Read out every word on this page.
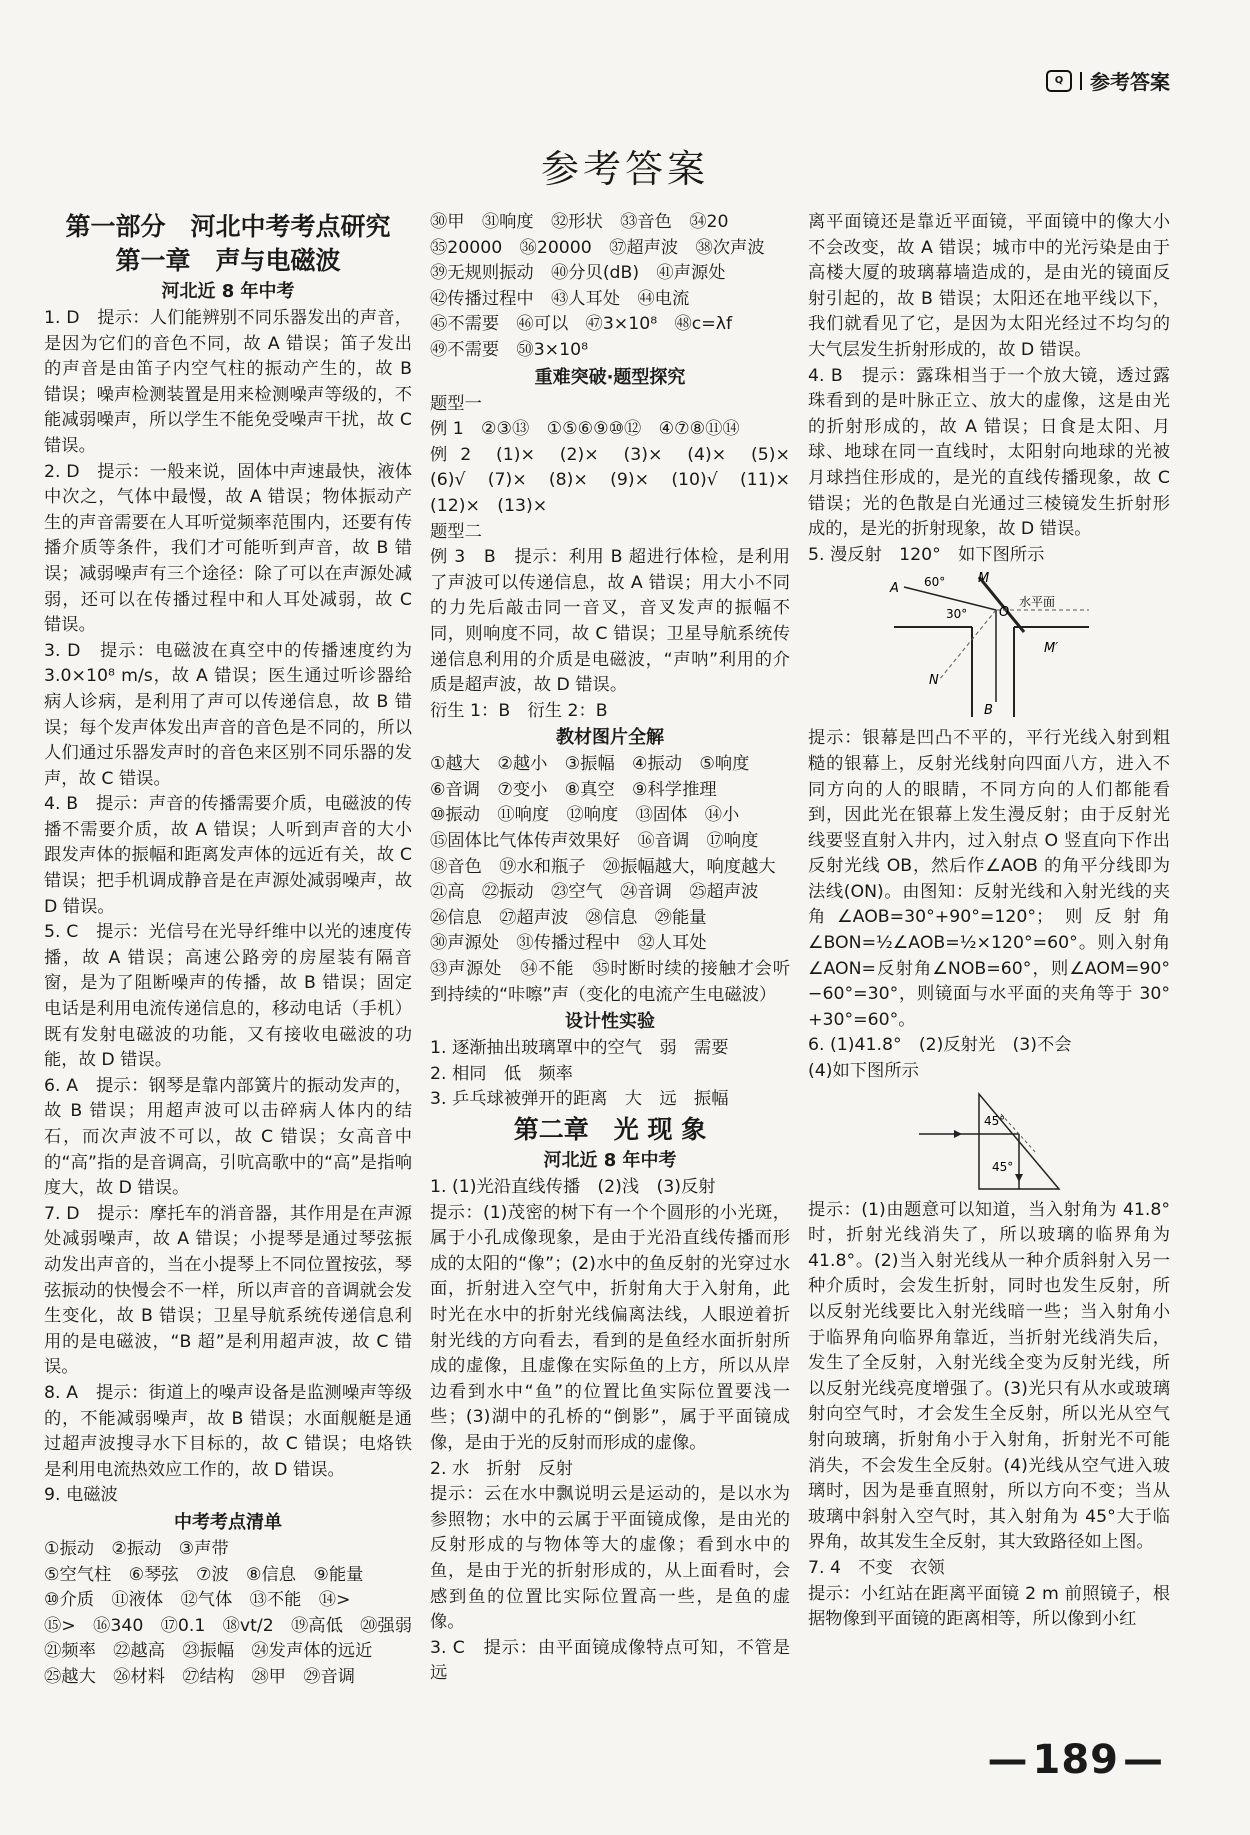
Q	参考答案
参考答案
第一部分　河北中考考点研究
第一章　声与电磁波
河北近 8 年中考
1. D　提示：人们能辨别不同乐器发出的声音，是因为它们的音色不同，故 A 错误；笛子发出的声音是由笛子内空气柱的振动产生的，故 B 错误；噪声检测装置是用来检测噪声等级的，不能减弱噪声，所以学生不能免受噪声干扰，故 C 错误。
2. D　提示：一般来说，固体中声速最快，液体中次之，气体中最慢，故 A 错误；物体振动产生的声音需要在人耳听觉频率范围内，还要有传播介质等条件，我们才可能听到声音，故 B 错误；减弱噪声有三个途径：除了可以在声源处减弱，还可以在传播过程中和人耳处减弱，故 C 错误。
3. D　提示：电磁波在真空中的传播速度约为 3.0×10⁸ m/s，故 A 错误；医生通过听诊器给病人诊病，是利用了声可以传递信息，故 B 错误；每个发声体发出声音的音色是不同的，所以人们通过乐器发声时的音色来区别不同乐器的发声，故 C 错误。
4. B　提示：声音的传播需要介质，电磁波的传播不需要介质，故 A 错误；人听到声音的大小跟发声体的振幅和距离发声体的远近有关，故 C 错误；把手机调成静音是在声源处减弱噪声，故 D 错误。
5. C　提示：光信号在光导纤维中以光的速度传播，故 A 错误；高速公路旁的房屋装有隔音窗，是为了阻断噪声的传播，故 B 错误；固定电话是利用电流传递信息的，移动电话（手机）既有发射电磁波的功能，又有接收电磁波的功能，故 D 错误。
6. A　提示：钢琴是靠内部簧片的振动发声的，故 B 错误；用超声波可以击碎病人体内的结石，而次声波不可以，故 C 错误；女高音中的“高”指的是音调高，引吭高歌中的“高”是指响度大，故 D 错误。
7. D　提示：摩托车的消音器，其作用是在声源处减弱噪声，故 A 错误；小提琴是通过琴弦振动发出声音的，当在小提琴上不同位置按弦，琴弦振动的快慢会不一样，所以声音的音调就会发生变化，故 B 错误；卫星导航系统传递信息利用的是电磁波，“B 超”是利用超声波，故 C 错误。
8. A　提示：街道上的噪声设备是监测噪声等级的，不能减弱噪声，故 B 错误；水面舰艇是通过超声波搜寻水下目标的，故 C 错误；电烙铁是利用电流热效应工作的，故 D 错误。
9. 电磁波
中考考点清单
①振动　②振动　③声带
⑤空气柱　⑥琴弦　⑦波　⑧信息　⑨能量
⑩介质　⑪液体　⑫气体　⑬不能　⑭>
⑮>　⑯340　⑰0.1　⑱vt/2　⑲高低　⑳强弱
㉑频率　㉒越高　㉓振幅　㉔发声体的远近
㉕越大　㉖材料　㉗结构　㉘甲　㉙音调
㉚甲　㉛响度　㉜形状　㉝音色　㉞20
㉟20000　㊱20000　㊲超声波　㊳次声波
㊴无规则振动　㊵分贝(dB)　㊶声源处
㊷传播过程中　㊸人耳处　㊹电流
㊺不需要　㊻可以　㊼3×10⁸　㊽c=λf
㊾不需要　㊿3×10⁸
重难突破·题型探究
题型一
例 1　②③⑬　①⑤⑥⑨⑩⑫　④⑦⑧⑪⑭
例 2　(1)×　(2)×　(3)×　(4)×　(5)×　(6)√　(7)×　(8)×　(9)×　(10)√　(11)×　(12)×　(13)×
题型二
例 3　B　提示：利用 B 超进行体检，是利用了声波可以传递信息，故 A 错误；用大小不同的力先后敲击同一音叉，音叉发声的振幅不同，则响度不同，故 C 错误；卫星导航系统传递信息利用的介质是电磁波，“声呐”利用的介质是超声波，故 D 错误。
衍生 1：B　衍生 2：B
教材图片全解
①越大　②越小　③振幅　④振动　⑤响度
⑥音调　⑦变小　⑧真空　⑨科学推理
⑩振动　⑪响度　⑫响度　⑬固体　⑭小
⑮固体比气体传声效果好　⑯音调　⑰响度
⑱音色　⑲水和瓶子　⑳振幅越大，响度越大
㉑高　㉒振动　㉓空气　㉔音调　㉕超声波
㉖信息　㉗超声波　㉘信息　㉙能量
㉚声源处　㉛传播过程中　㉜人耳处
㉝声源处　㉞不能　㉟时断时续的接触才会听到持续的“咔嚓”声（变化的电流产生电磁波）
设计性实验
1. 逐渐抽出玻璃罩中的空气　弱　需要
2. 相同　低　频率
3. 乒乓球被弹开的距离　大　远　振幅
第二章　光 现 象
河北近 8 年中考
1. (1)光沿直线传播　(2)浅　(3)反射
提示：(1)茂密的树下有一个个圆形的小光斑，属于小孔成像现象，是由于光沿直线传播而形成的太阳的“像”；(2)水中的鱼反射的光穿过水面，折射进入空气中，折射角大于入射角，此时光在水中的折射光线偏离法线，人眼逆着折射光线的方向看去，看到的是鱼经水面折射所成的虚像，且虚像在实际鱼的上方，所以从岸边看到水中“鱼”的位置比鱼实际位置要浅一些；(3)湖中的孔桥的“倒影”，属于平面镜成像，是由于光的反射而形成的虚像。
2. 水　折射　反射
提示：云在水中飘说明云是运动的，是以水为参照物；水中的云属于平面镜成像，是由光的反射形成的与物体等大的虚像；看到水中的鱼，是由于光的折射形成的，从上面看时，会感到鱼的位置比实际位置高一些，是鱼的虚像。
3. C　提示：由平面镜成像特点可知，不管是远
离平面镜还是靠近平面镜，平面镜中的像大小不会改变，故 A 错误；城市中的光污染是由于高楼大厦的玻璃幕墙造成的，是由光的镜面反射引起的，故 B 错误；太阳还在地平线以下，我们就看见了它，是因为太阳光经过不均匀的大气层发生折射形成的，故 D 错误。
4. B　提示：露珠相当于一个放大镜，透过露珠看到的是叶脉正立、放大的虚像，这是由光的折射形成的，故 A 错误；日食是太阳、月球、地球在同一直线时，太阳射向地球的光被月球挡住形成的，是光的直线传播现象，故 C 错误；光的色散是白光通过三棱镜发生折射形成的，是光的折射现象，故 D 错误。
5. 漫反射　120°　如下图所示
A
M
M′
O
N
B
60°
30°
水平面
提示：银幕是凹凸不平的，平行光线入射到粗糙的银幕上，反射光线射向四面八方，进入不同方向的人的眼睛，不同方向的人们都能看到，因此光在银幕上发生漫反射；由于反射光线要竖直射入井内，过入射点 O 竖直向下作出反射光线 OB，然后作∠AOB 的角平分线即为法线(ON)。由图知：反射光线和入射光线的夹角∠AOB=30°+90°=120°；则反射角∠BON=½∠AOB=½×120°=60°。则入射角∠AON=反射角∠NOB=60°，则∠AOM=90°−60°=30°，则镜面与水平面的夹角等于 30°+30°=60°。
6. (1)41.8°　(2)反射光　(3)不会
(4)如下图所示
45°
45°
提示：(1)由题意可以知道，当入射角为 41.8° 时，折射光线消失了，所以玻璃的临界角为 41.8°。(2)当入射光线从一种介质斜射入另一种介质时，会发生折射，同时也发生反射，所以反射光线要比入射光线暗一些；当入射角小于临界角向临界角靠近，当折射光线消失后，发生了全反射，入射光线全变为反射光线，所以反射光线亮度增强了。(3)光只有从水或玻璃射向空气时，才会发生全反射，所以光从空气射向玻璃，折射角小于入射角，折射光不可能消失，不会发生全反射。(4)光线从空气进入玻璃时，因为是垂直照射，所以方向不变；当从玻璃中斜射入空气时，其入射角为 45°大于临界角，故其发生全反射，其大致路径如上图。
7. 4　不变　衣领
提示：小红站在距离平面镜 2 m 前照镜子，根据物像到平面镜的距离相等，所以像到小红
— 189 —
